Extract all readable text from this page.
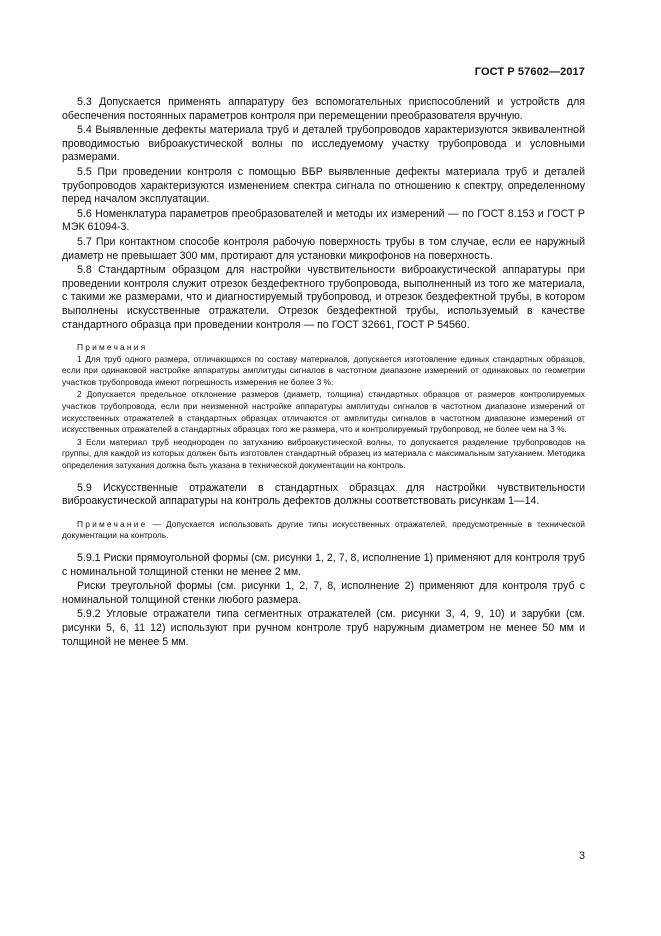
ГОСТ Р 57602—2017

5.3 Допускается применять аппаратуру без вспомогательных приспособлений и устройств для обеспечения постоянных параметров контроля при перемещении преобразователя вручную.

5.4 Выявленные дефекты материала труб и деталей трубопроводов характеризуются эквивалентной проводимостью виброакустической волны по исследуемому участку трубопровода и условными размерами.

5.5 При проведении контроля с помощью ВБР выявленные дефекты материала труб и деталей трубопроводов характеризуются изменением спектра сигнала по отношению к спектру, определенному перед началом эксплуатации.

5.6 Номенклатура параметров преобразователей и методы их измерений — по ГОСТ 8.153 и ГОСТ Р МЭК 61094-3.

5.7 При контактном способе контроля рабочую поверхность трубы в том случае, если ее наружный диаметр не превышает 300 мм, протирают для установки микрофонов на поверхность.

5.8 Стандартным образцом для настройки чувствительности виброакустической аппаратуры при проведении контроля служит отрезок бездефектного трубопровода, выполненный из того же материала, с такими же размерами, что и диагностируемый трубопровод, и отрезок бездефектной трубы, в котором выполнены искусственные отражатели. Отрезок бездефектной трубы, используемый в качестве стандартного образца при проведении контроля — по ГОСТ 32661, ГОСТ Р 54560.

Примечания

1 Для труб одного размера, отличающихся по составу материалов, допускается изготовление единых стандартных образцов, если при одинаковой настройке аппаратуры амплитуды сигналов в частотном диапазоне измерений от одинаковых по геометрии участков трубопровода имеют погрешность измерения не более 3 %.

2 Допускается предельное отклонение размеров (диаметр, толщина) стандартных образцов от размеров контролируемых участков трубопровода, если при неизменной настройке аппаратуры амплитуды сигналов в частотном диапазоне измерений от искусственных отражателей в стандартных образцах отличаются от амплитуды сигналов в частотном диапазоне измерений от искусственных отражателей в стандартных образцах того же размера, что и контролируемый трубопровод, не более чем на 3 %.

3 Если материал труб неоднороден по затуханию виброакустической волны, то допускается разделение трубопроводов на группы, для каждой из которых должен быть изготовлен стандартный образец из материала с максимальным затуханием. Методика определения затухания должна быть указана в технической документации на контроль.

5.9 Искусственные отражатели в стандартных образцах для настройки чувствительности виброакустической аппаратуры на контроль дефектов должны соответствовать рисункам 1—14.

Примечание — Допускается использовать другие типы искусственных отражателей, предусмотренные в технической документации на контроль.

5.9.1 Риски прямоугольной формы (см. рисунки 1, 2, 7, 8, исполнение 1) применяют для контроля труб с номинальной толщиной стенки не менее 2 мм.

Риски треугольной формы (см. рисунки 1, 2, 7, 8, исполнение 2) применяют для контроля труб с номинальной толщиной стенки любого размера.

5.9.2 Угловые отражатели типа сегментных отражателей (см. рисунки 3, 4, 9, 10) и зарубки (см. рисунки 5, 6, 11 12) используют при ручном контроле труб наружным диаметром не менее 50 мм и толщиной не менее 5 мм.

3
